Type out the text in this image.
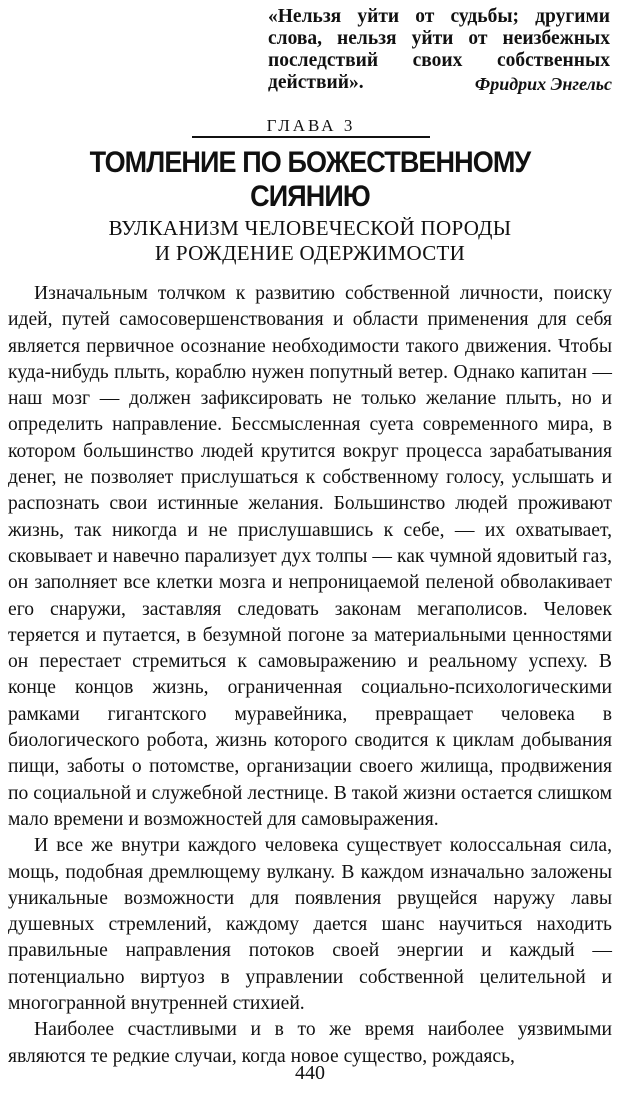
«Нельзя уйти от судьбы; другими слова, нельзя уйти от неизбежных последствий своих собственных действий».	Фридрих Энгельс
ГЛАВА 3
ТОМЛЕНИЕ ПО БОЖЕСТВЕННОМУ СИЯНИЮ
ВУЛКАНИЗМ ЧЕЛОВЕЧЕСКОЙ ПОРОДЫ
И РОЖДЕНИЕ ОДЕРЖИМОСТИ

Изначальным толчком к развитию собственной личности, поиску идей, путей самосовершенствования и области применения для себя является первичное осознание необходимости такого движения. Чтобы куда-нибудь плыть, кораблю нужен попутный ветер. Однако капитан — наш мозг — должен зафиксировать не только желание плыть, но и определить направление. Бессмысленная суета современного мира, в котором большинство людей крутится вокруг процесса зарабатывания денег, не позволяет прислушаться к собственному голосу, услышать и распознать свои истинные желания. Большинство людей проживают жизнь, так никогда и не прислушавшись к себе, — их охватывает, сковывает и навечно парализует дух толпы — как чумной ядовитый газ, он заполняет все клетки мозга и непроницаемой пеленой обволакивает его снаружи, заставляя следовать законам мегаполисов. Человек теряется и путается, в безумной погоне за материальными ценностями он перестает стремиться к самовыражению и реальному успеху. В конце концов жизнь, ограниченная социально-психологическими рамками гигантского муравейника, превращает человека в биологического робота, жизнь которого сводится к циклам добывания пищи, заботы о потомстве, организации своего жилища, продвижения по социальной и служебной лестнице. В такой жизни остается слишком мало времени и возможностей для самовыражения.

И все же внутри каждого человека существует колоссальная сила, мощь, подобная дремлющему вулкану. В каждом изначально заложены уникальные возможности для появления рвущейся наружу лавы душевных стремлений, каждому дается шанс научиться находить правильные направления потоков своей энергии и каждый — потенциально виртуоз в управлении собственной целительной и многогранной внутренней стихией.

Наиболее счастливыми и в то же время наиболее уязвимыми являются те редкие случаи, когда новое существо, рождаясь,

440
